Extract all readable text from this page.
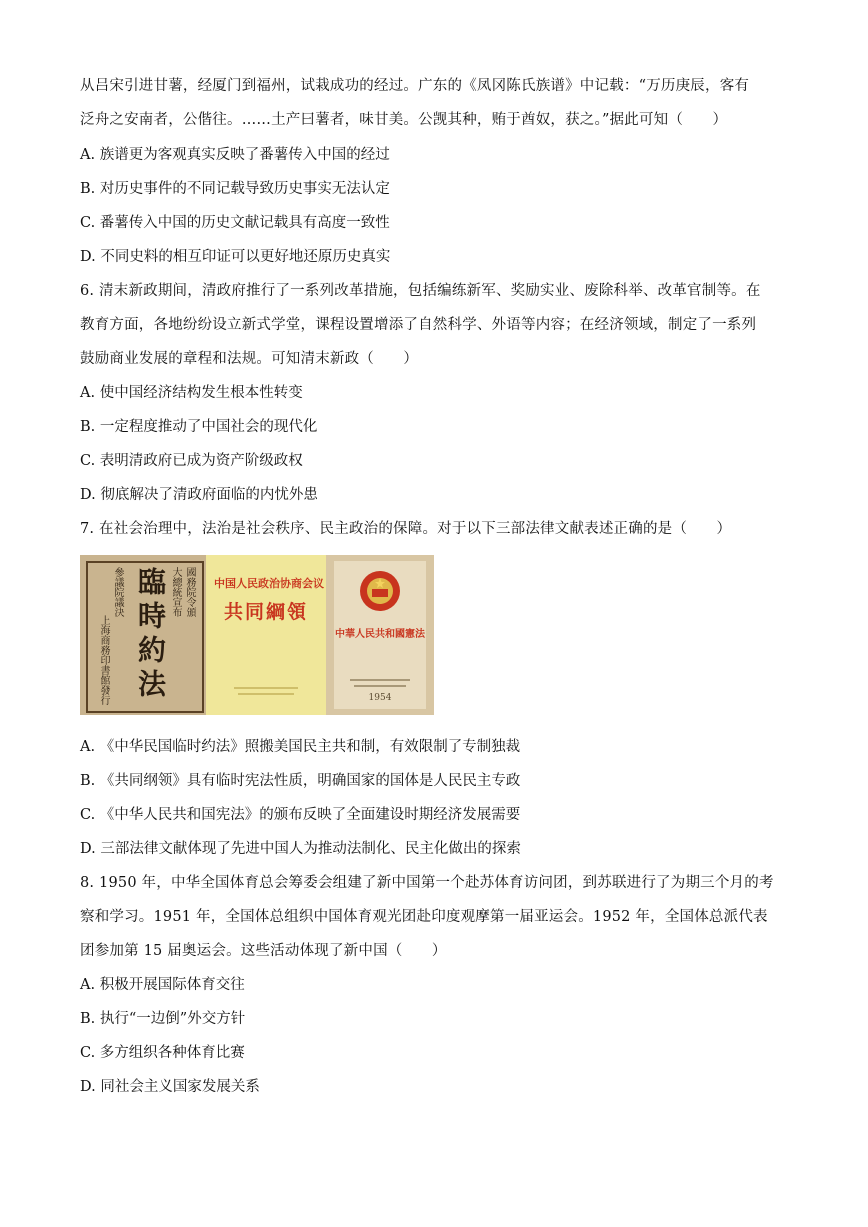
从吕宋引进甘薯，经厦门到福州，试栽成功的经过。广东的《凤冈陈氏族谱》中记载：“万历庚辰，客有
泛舟之安南者，公偕往。……土产曰薯者，味甘美。公觊其种，贿于酋奴，获之。”据此可知（　　）
A. 族谱更为客观真实反映了番薯传入中国的经过
B. 对历史事件的不同记载导致历史事实无法认定
C. 番薯传入中国的历史文献记载具有高度一致性
D. 不同史料的相互印证可以更好地还原历史真实
6. 清末新政期间，清政府推行了一系列改革措施，包括编练新军、奖励实业、废除科举、改革官制等。在
教育方面，各地纷纷设立新式学堂，课程设置增添了自然科学、外语等内容；在经济领域，制定了一系列
鼓励商业发展的章程和法规。可知清末新政（　　）
A. 使中国经济结构发生根本性转变
B. 一定程度推动了中国社会的现代化
C. 表明清政府已成为资产阶级政权
D. 彻底解决了清政府面临的内忧外患
7. 在社会治理中，法治是社会秩序、民主政治的保障。对于以下三部法律文献表述正确的是（　　）
臨時約法 大總統宣布 國務院令頒
上海商務印書館發行
參議院議決	中国人民政治协商会议
共同綱領
中華人民共和國憲法
1954
A. 《中华民国临时约法》照搬美国民主共和制，有效限制了专制独裁
B. 《共同纲领》具有临时宪法性质，明确国家的国体是人民民主专政
C. 《中华人民共和国宪法》的颁布反映了全面建设时期经济发展需要
D. 三部法律文献体现了先进中国人为推动法制化、民主化做出的探索
8. 1950 年，中华全国体育总会筹委会组建了新中国第一个赴苏体育访问团，到苏联进行了为期三个月的考
察和学习。1951 年，全国体总组织中国体育观光团赴印度观摩第一届亚运会。1952 年，全国体总派代表
团参加第 15 届奥运会。这些活动体现了新中国（　　）
A. 积极开展国际体育交往
B. 执行“一边倒”外交方针
C. 多方组织各种体育比赛
D. 同社会主义国家发展关系
